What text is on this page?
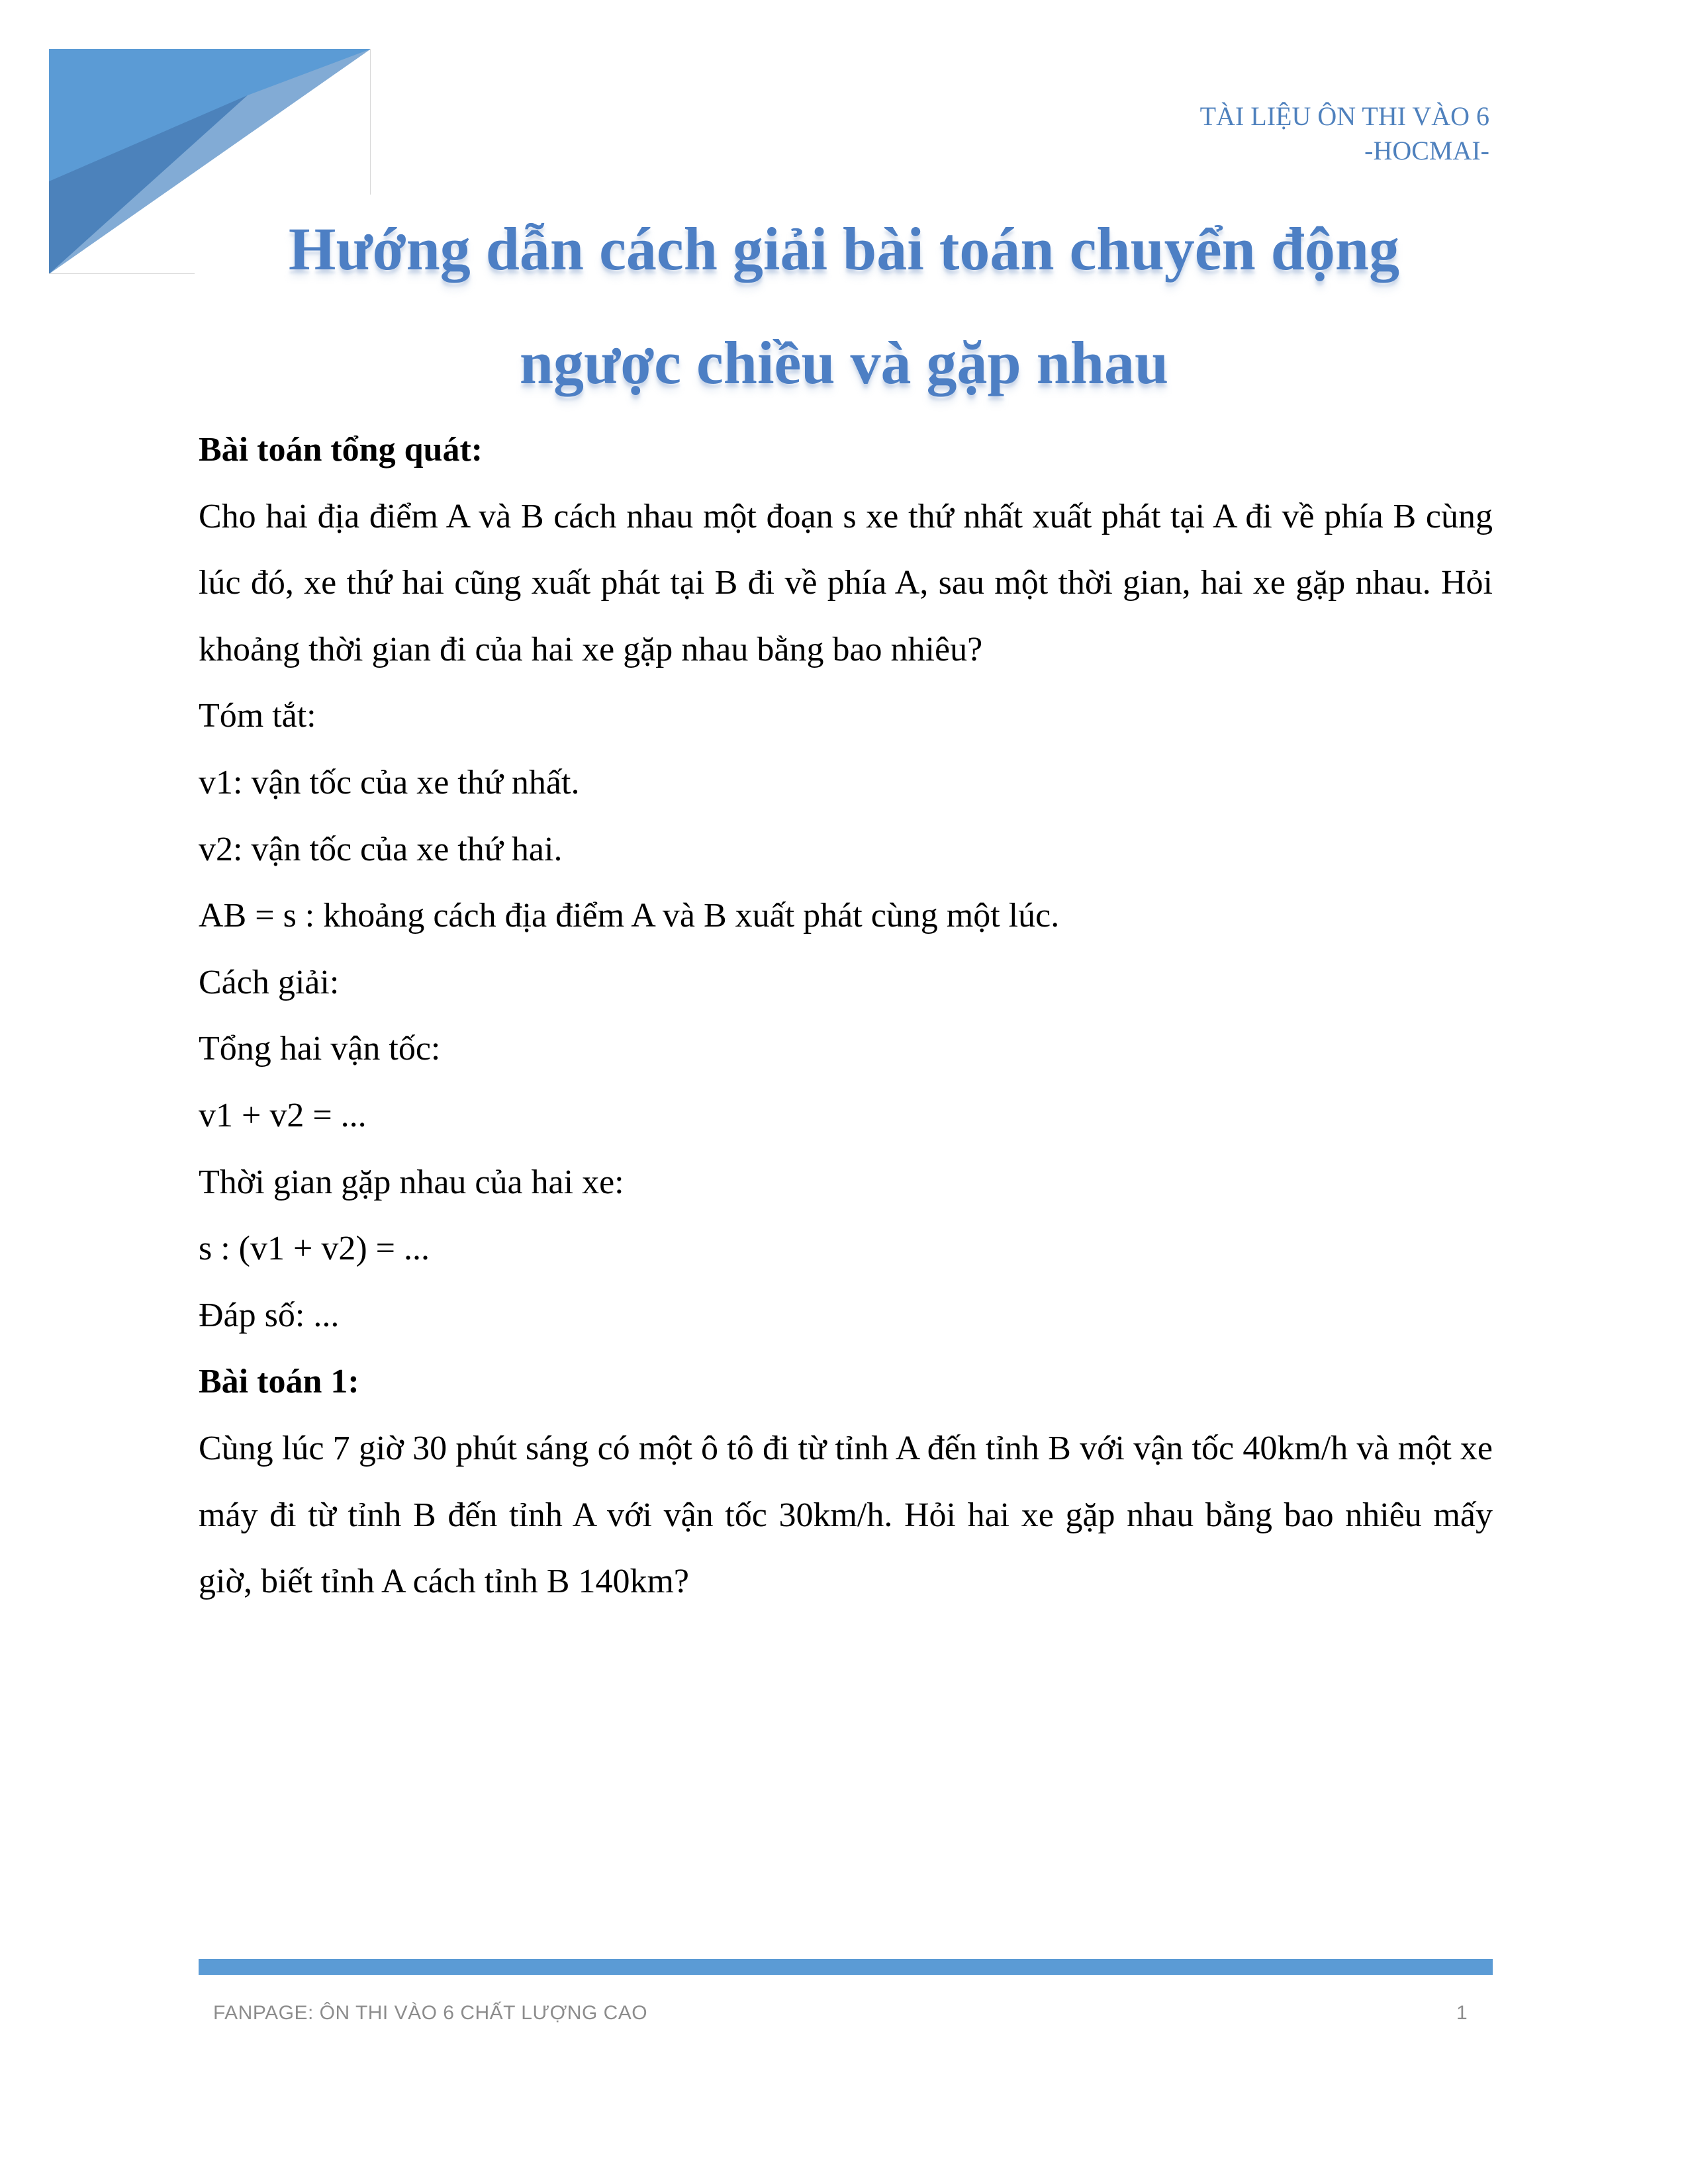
TÀI LIỆU ÔN THI VÀO 6
-HOCMAI-
Hướng dẫn cách giải bài toán chuyển động
ngược chiều và gặp nhau

Bài toán tổng quát:

Cho hai địa điểm A và B cách nhau một đoạn s xe thứ nhất xuất phát tại A đi về phía B cùng lúc đó, xe thứ hai cũng xuất phát tại B đi về phía A, sau một thời gian, hai xe gặp nhau. Hỏi khoảng thời gian đi của hai xe gặp nhau bằng bao nhiêu?

Tóm tắt:

v1: vận tốc của xe thứ nhất.

v2: vận tốc của xe thứ hai.

AB = s : khoảng cách địa điểm A và B xuất phát cùng một lúc.

Cách giải:

Tổng hai vận tốc:

v1 + v2 = ...

Thời gian gặp nhau của hai xe:

s : (v1 + v2) = ...

Đáp số: ...

Bài toán 1:

Cùng lúc 7 giờ 30 phút sáng có một ô tô đi từ tỉnh A đến tỉnh B với vận tốc 40km/h và một xe máy đi từ tỉnh B đến tỉnh A với vận tốc 30km/h. Hỏi hai xe gặp nhau bằng bao nhiêu mấy giờ, biết tỉnh A cách tỉnh B 140km?

FANPAGE: ÔN THI VÀO 6 CHẤT LƯỢNG CAO	1
